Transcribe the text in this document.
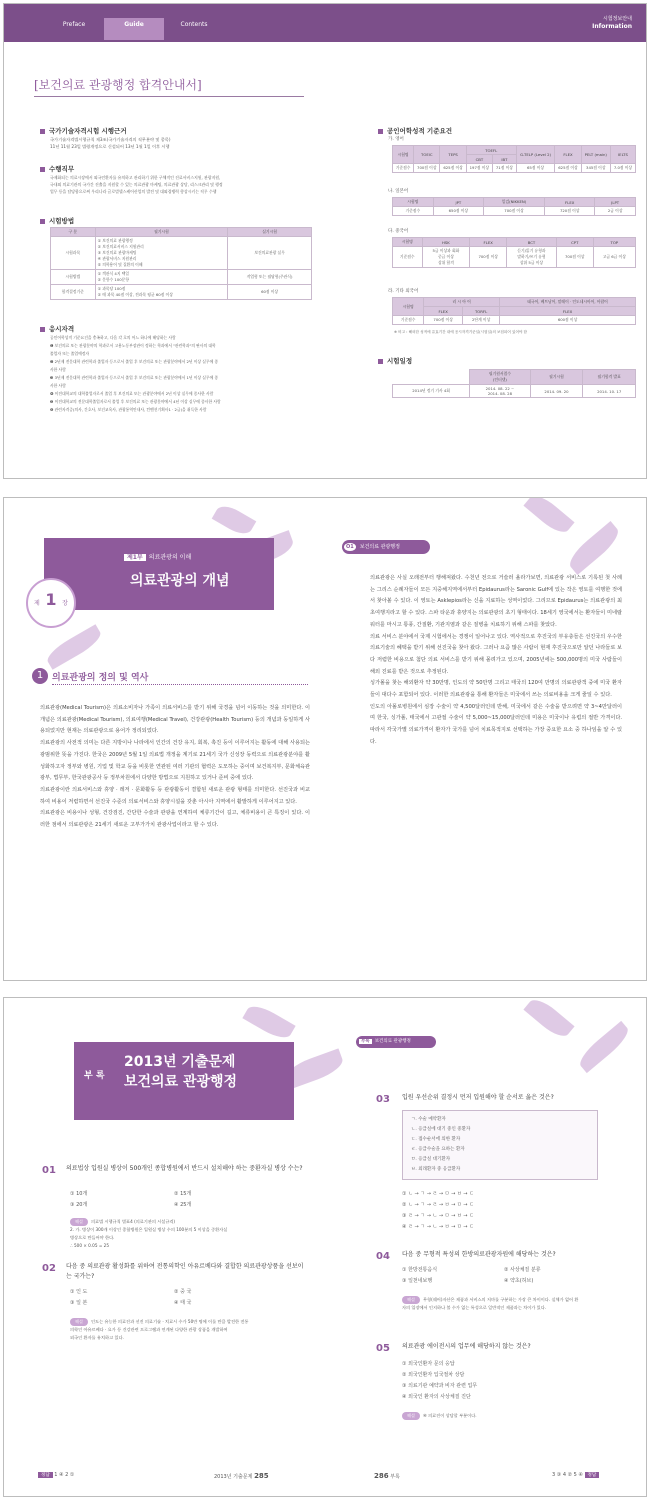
Preface	Guide	Contents
시험정보안내
Information
[보건의료 관광행정 합격안내서]
국가기술자격시험 시행근거
국가기술자격법시행규칙 제3조(국가기술자격의 직무분야 및 종목)
11년 11월 23일 법령개정으로 신설되어 13년 1월 1일 이후 시행
수행직무
국제화되는 의료시장에서 외국인환자를 유치하고 관리하기 위한 구체적인 진료서비스지원, 관광지원,
국내외 의료기관의 국가간 진출을 지원할 수 있는 의료관광 마케팅, 의료관광 상담, 리스크관리 및 행정
업무 등을 담당함으로써 우리나라 글로벌헬스케어산업의 발전 및 대외경쟁력 향상시키는 직무 수행
시험방법
구 분	필기시험	실기시험
시험과목	① 보건의료 관광행정
② 보건의료서비스 지원관리
③ 보건의료 관광마케팅
④ 관광서비스 지원관리
⑤ 의학용어 및 질환의 이해	보건의료관광 실무
시험방법	① 객관식 4지 택일
② 문항수 100문항	작업형 또는 필답형(주관식)
합격결정기준	① 과목당 100점
② 매 과목 40점 이상, 전과목 평균 60점 이상	60점 이상
응시자격
공인어학성적 기준요건을 충족하고, 다음 각 호의 어느 하나에 해당하는 사람
❶ 보건의료 또는 관광분야의 학과로서 고용노동부장관이 정하는 학과에서 "관련학과"의 판사의 대학
졸업자 또는 졸업예정자
❷ 2년제 전문대학 관련학과 졸업자 등으로서 졸업 후 보건의료 또는 관광분야에서 2년 이상 실무에 종
사한 사람
❸ 3년제 전문대학 관련학과 졸업자 등으로서 졸업 후 보건의료 또는 관광분야에서 1년 이상 실무에 종
사한 사람
❹ 이전대학교의 대학졸업자로서 졸업 후 보건의료 또는 관광분야에서 2년 이상 실무에 종사한 사람
❺ 이전대학교의 전문대학졸업자로서 졸업 후 보건의료 또는 관광분야에서 4년 이상 실무에 종사한 사람
❻ 관련자격증(의사, 간호사, 보건교육사, 관광통역안내사, 컨벤션기획사1 · 2급)을 취득한 사람
공인어학성적 기준요건
가. 영어
시험명	TOEIC	TEPS	TOEFL		G-TELP (Level 2)	FLEX	PELT (main)	IELTS
			CBT	IBT				
기준점수	700점 이상	625점 이상	197점 이상	71점 이상	65점 이상	625점 이상	345점 이상	7.0점 이상
나. 일본어
시험명	JPT	일검(NIKKEN)	FLEX	JLPT
기준점수	650점 이상	700점 이상	720점 이상	2급 이상
다. 중국어
시험명	HSK	FLEX	BCT	CPT	TOP
기준점수	5급 이상과 회화
중급 이상
상위 합격	700점 이상	듣기/읽기 유형과
말하기/쓰기 유형
상위 5급 이상	700점 이상	고급 6급 이상
라. 기타 외국어
시험명	러 시 아 어		태국어, 베트남어, 말레이 · 인도네시아어, 아랍어
	FLEX	TORFL	FLEX
기준점수	700점 이상	2단계 이상	600점 이상
※ 비고 : 해외한 성적에 유효기간 내에 응시자격기준일(시험일)의 보험되어 있어야 함
시험일정
	필기원서접수
(인터넷)	필기시험	필기합격 발표
2014년 정기 기사 4회	2014. 08. 22 ~
2014. 08. 28	2014. 09. 20	2014. 10. 17
제1부 의료관광의 이해
의료관광의 개념
제 1 장
1 의료관광의 정의 및 역사
의료관광(Medical Tourism)은 의료소비자나 가족이 의료서비스를 받기 위해 국경을 넘어 이동하는 것을 의미한다. 이 개념은 의료관광(Medical Tourism), 의료여행(Medical Travel), 건강관광(Health Tourism) 등의 개념과 동일하게 사용되었지만 현재는 의료관광으로 용어가 정리되었다.
의료관광의 사전적 의미는 다른 지방이나 나라에서 인간의 건강 유지, 회복, 촉진 등이 이루어지는 활동에 대해 사용되는 광범위한 뜻을 가진다. 한국은 2009년 5월 1일 의료법 개정을 계기로 21세기 국가 신성장 동력으로 의료관광분야를 활성화하고자 정부와 병원, 기업 및 학교 등을 비롯한 연관된 여러 기관의 협력은 도모하는 중이며 보건복지부, 문화체육관광부, 법무부, 한국관광공사 등 정부차원에서 다양한 방법으로 지원하고 있거나 준비 중에 있다.
의료관광이란 의료서비스와 휴양 · 레저 · 문화활동 등 관광활동이 결합된 새로운 관광 형태를 의미한다. 선진국과 비교하여 비용이 저렴하면서 선진국 수준의 의료서비스와 휴양시설을 갖춘 아시아 지역에서 활발하게 이루어지고 있다.
의료관광은 비용이나 성형, 건강검진, 간단한 수술과 관광을 연계하여 체류기간이 길고, 체류비용이 큰 특징이 있다. 이러한 점에서 의료관광은 21세기 새로운 고부가가치 관광사업이라고 할 수 있다.
O1 보건의료 관광행정
의료관광은 사실 오래전부터 행해져왔다. 수천년 전으로 거슬러 올라가보면, 의료관광 서비스로 기록된 첫 사례는 그리스 순례자들이 모든 지중해지역에서부터 Epidaurus라는 Saronic Gulf에 있는 작은 영토를 여행한 것에서 찾아볼 수 있다. 이 영토는 Asklepios라는 신을 지료하는 성역이었다. 그리므로 Epidaurus는 의료관광의 최초여행지라고 할 수 있다. 스파 타운과 휴양지는 의료관광의 초기 형태이다. 18세기 영국에서는 환자들이 미네랄워터를 마시고 통풍, 간질환, 기관지염과 같은 질병을 치료하기 위해 스파를 찾았다.
의료 서비스 분야에서 국제 시험에서는 경쟁이 일어나고 있다. 역사적으로 후진국의 부유층들은 선진국의 우수한 의료기술의 혜택을 받기 위해 선진국을 찾아 왔다. 그러나 요즘 많은 사람이 현재 후진국으로만 알던 나라들로 보다 저렴한 비용으로 첨단 의료 서비스를 받기 위해 몰려가고 있으며, 2005년에는 500,000명의 미국 사람들이 해외 진료를 받은 것으로 추정된다.
싱가폴을 찾는 해외환자 약 30만명, 인도의 약 50만명 그리고 태국의 120여 만명의 의료관광객 중에 미국 환자들이 대다수 포함되어 있다. 이러한 의료관광을 통해 환자들은 미국에서 쓰는 의료비용을 크게 줄일 수 있다.
인도의 아폴로병원에서 심장 수술이 약 4,500달러인데 반해, 미국에서 같은 수술을 받으려면 약 3~4만달러이며 한국, 싱가폴, 태국에서 고관절 수술이 약 5,000~15,000달러인데 미용은 미국이나 유럽의 절반 가격이다. 따라서 각국가별 의료가격이 환자가 국가를 넘어 치료목적지로 선택하는 가장 중요한 요소 중 하나임을 알 수 있다.
부 록
2013년 기출문제
보건의료 관광행정
01 의료법상 입원실 병상이 500개인 종합병원에서 반드시 설치해야 하는 중환자실 병상 수는?
① 10개	② 15개
③ 20개	④ 25개
해설 의료법 시행규칙 별표4 (의료기관의 시설규격)
2. 가. 병상이 300개 이상인 종합병원은 입원실 병상 수의 100분의 5 이상을 중환자실
병상으로 만들어야 한다.
∴ 500 × 0.05 = 25
02 다음 중 의료관광 활성화를 위하여 전통의학인 아유르베다와 결합한 의료관광상품을 선보이는 국가는?
① 인 도	② 중 국
③ 일 본	④ 태 국
해설 인도는 유능한 의료진과 선진 의료기술 · 치료시 수가 50만 명에 이를 만큼 발전한 전통
의학인 아유르베다 · 요가 등 건강관련 프로그램과 연계된 다양한 관광 상품을 개발하여
외국인 환자를 유치하고 있다.
부록 보건의료 관광행정
03 입원 우선순위 결정시 먼저 입원해야 할 순서로 옳은 것은?
ㄱ. 수술 예약환자
ㄴ. 응급실에 대기 중인 중환자
ㄷ. 접수순서에 의한 환자
ㄹ. 응급수술을 요하는 환자
ㅁ. 응급실 대기환자
ㅂ. 외래환자 중 응급환자
① ㄴ → ㄱ → ㄹ → ㅁ → ㅂ → ㄷ
② ㄴ → ㄱ → ㄹ → ㅂ → ㅁ → ㄷ
③ ㄹ → ㄱ → ㄴ → ㅁ → ㅂ → ㄷ
④ ㄹ → ㄱ → ㄴ → ㅂ → ㅁ → ㄷ
04 다음 중 무형적 특성의 한방의료관광자원에 해당하는 것은?
① 한방전통음식	② 사상체질 분류
③ 일천네보행	④ 약초(허브)
해설 무형(쉐어)자산은 제품과 서비스의 저마를 구분하는 가장 큰 차이이다. 실체가 없어 환
자의 입장에서 인지하나 볼 수가 없는 특성으로 일반적인 제품과는 차이가 있다.
05 의료관광 에이전시의 업무에 해당하지 않는 것은?
① 외국인환자 문의 응답
② 외국인환자 입국절차 상담
③ 의료기관 예약과 비자 관련 업무
④ 외국인 환자의 사상체질 진단
해설 ④ 의료진이 상담할 부분이다.
정답 1 ④ 2 ①	2013년 기출문제 285	286 부록	3 ③ 4 ② 5 ④ 정답
